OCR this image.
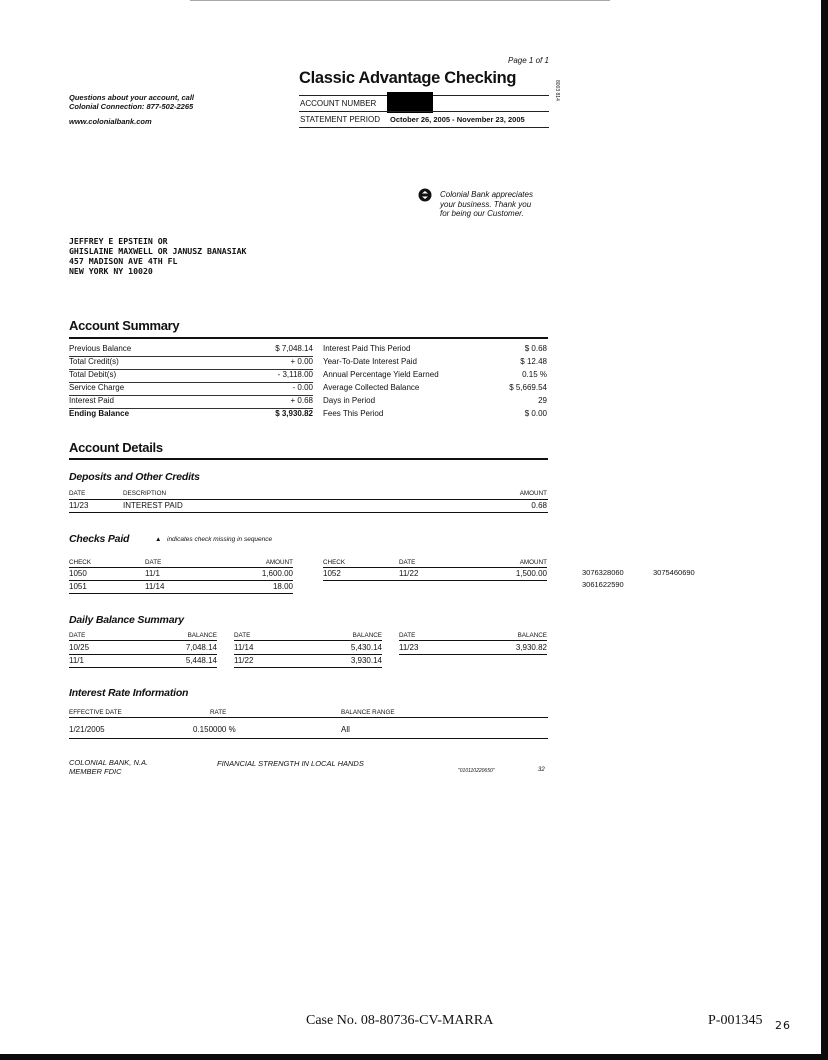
Page 1 of 1
Classic Advantage Checking
Questions about your account, call
Colonial Connection: 877-502-2265
www.colonialbank.com
ACCOUNT NUMBER
STATEMENT PERIOD October 26, 2005 - November 23, 2005
8003 814
Colonial Bank appreciates
your business. Thank you
for being our Customer.
JEFFREY E EPSTEIN OR
GHISLAINE MAXWELL OR JANUSZ BANASIAK
457 MADISON AVE 4TH FL
NEW YORK NY 10020
Account Summary
Previous Balance	$ 7,048.14
Total Credit(s)	+ 0.00
Total Debit(s)	- 3,118.00
Service Charge	- 0.00
Interest Paid	+ 0.68
Ending Balance	$ 3,930.82
Interest Paid This Period	$ 0.68
Year-To-Date Interest Paid	$ 12.48
Annual Percentage Yield Earned	0.15 %
Average Collected Balance	$ 5,669.54
Days in Period	29
Fees This Period	$ 0.00
Account Details
Deposits and Other Credits
DATE	DESCRIPTION	AMOUNT
11/23	INTEREST PAID	0.68
Checks Paid	▲ indicates check missing in sequence
CHECK	DATE	AMOUNT	CHECK	DATE	AMOUNT
1050	11/1	1,600.00
1051	11/14	18.00
1052	11/22	1,500.00	3076328060	3075460690
3061622590
Daily Balance Summary
DATE	BALANCE	DATE	BALANCE	DATE	BALANCE
10/25	7,048.14
11/1	5,448.14
11/14	5,430.14
11/22	3,930.14
11/23	3,930.82
Interest Rate Information
EFFECTIVE DATE	RATE	BALANCE RANGE
1/21/2005	0.150000 %	All
COLONIAL BANK, N.A.
MEMBER FDIC
FINANCIAL STRENGTH IN LOCAL HANDS
"010110220650"	32
Case No. 08-80736-CV-MARRA	P-001345 26
